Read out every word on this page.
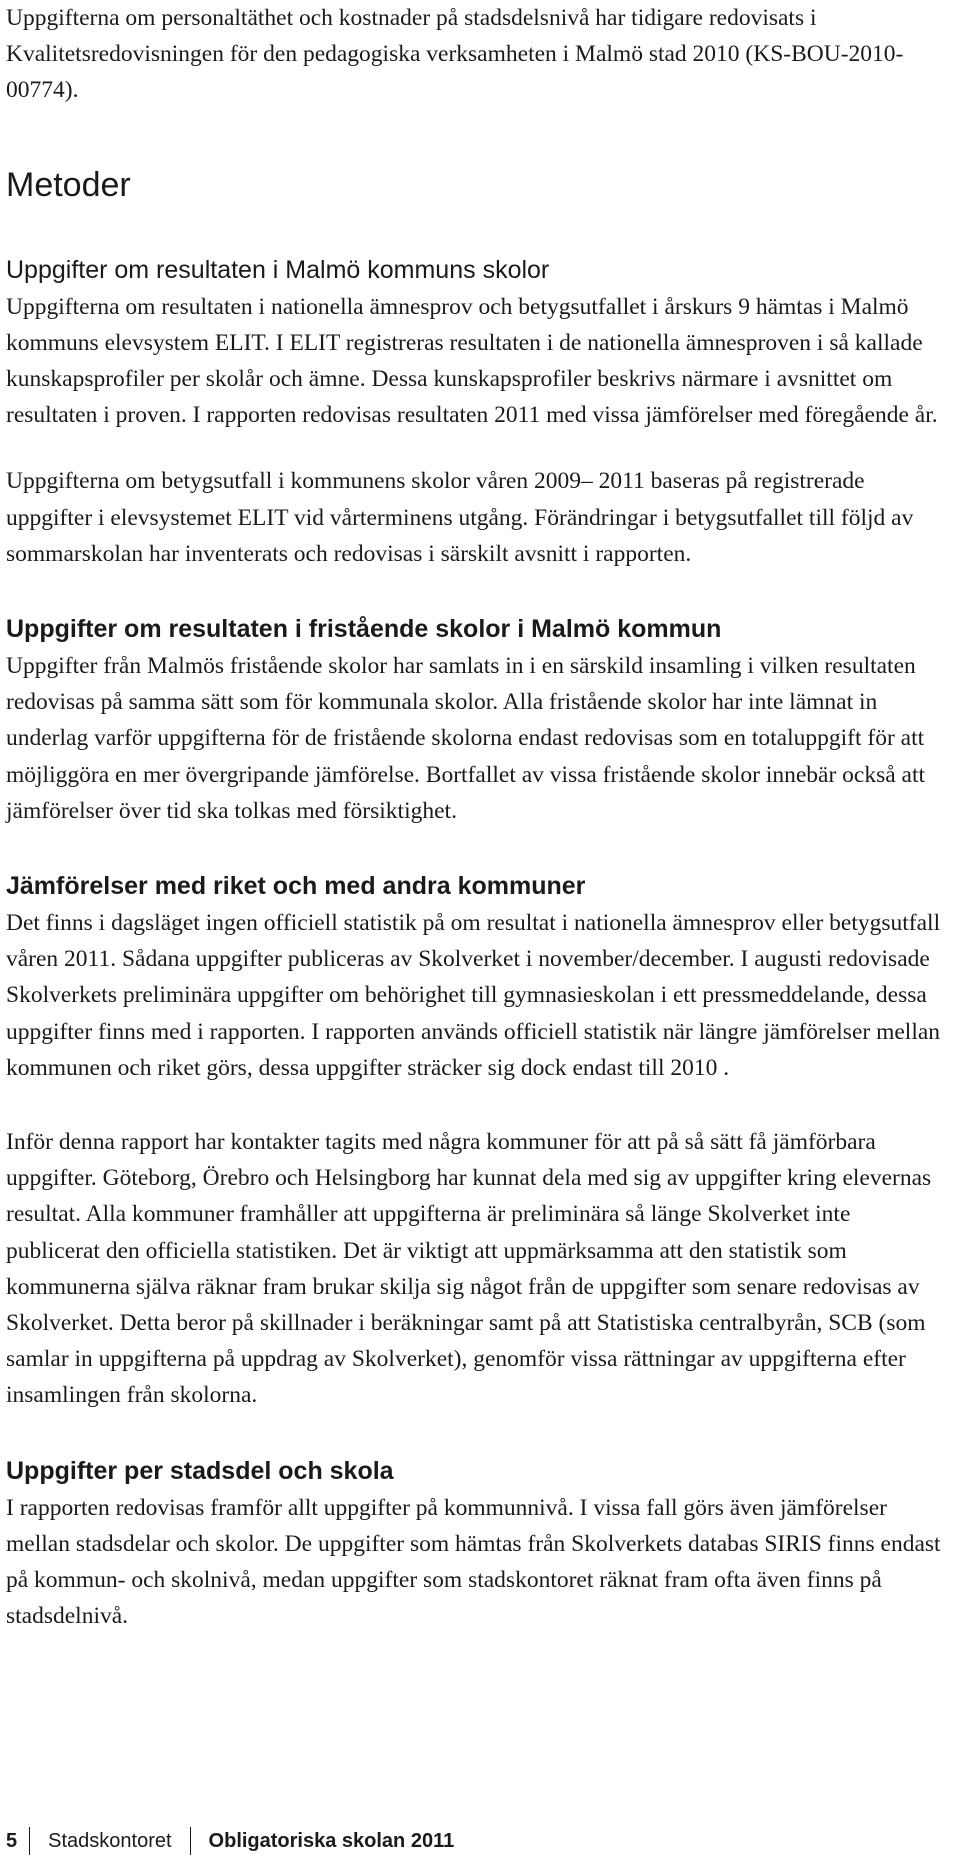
Uppgifterna om personaltäthet och kostnader på stadsdelsnivå har tidigare redovisats i Kvalitetsredovisningen för den pedagogiska verksamheten i Malmö stad 2010 (KS-BOU-2010-00774).

Metoder
Uppgifter om resultaten i Malmö kommuns skolor

Uppgifterna om resultaten i nationella ämnesprov och betygsutfallet i årskurs 9 hämtas i Malmö kommuns elevsystem ELIT. I ELIT registreras resultaten i de nationella ämnesproven i så kallade kunskapsprofiler per skolår och ämne. Dessa kunskapsprofiler beskrivs närmare i avsnittet om resultaten i proven. I rapporten redovisas resultaten 2011 med vissa jämförelser med föregående år.

Uppgifterna om betygsutfall i kommunens skolor våren 2009– 2011 baseras på registrerade uppgifter i elevsystemet ELIT vid vårterminens utgång. Förändringar i betygsutfallet till följd av sommarskolan har inventerats och redovisas i särskilt avsnitt i rapporten.

Uppgifter om resultaten i fristående skolor i Malmö kommun

Uppgifter från Malmös fristående skolor har samlats in i en särskild insamling i vilken resultaten redovisas på samma sätt som för kommunala skolor. Alla fristående skolor har inte lämnat in underlag varför uppgifterna för de fristående skolorna endast redovisas som en totaluppgift för att möjliggöra en mer övergripande jämförelse. Bortfallet av vissa fristående skolor innebär också att jämförelser över tid ska tolkas med försiktighet.

Jämförelser med riket och med andra kommuner

Det finns i dagsläget ingen officiell statistik på om resultat i nationella ämnesprov eller betygsutfall våren 2011. Sådana uppgifter publiceras av Skolverket i november/december. I augusti redovisade Skolverkets preliminära uppgifter om behörighet till gymnasieskolan i ett pressmeddelande, dessa uppgifter finns med i rapporten. I rapporten används officiell statistik när längre jämförelser mellan kommunen och riket görs, dessa uppgifter sträcker sig dock endast till 2010 .

Inför denna rapport har kontakter tagits med några kommuner för att på så sätt få jämförbara uppgifter. Göteborg, Örebro och Helsingborg har kunnat dela med sig av uppgifter kring elevernas resultat. Alla kommuner framhåller att uppgifterna är preliminära så länge Skolverket inte publicerat den officiella statistiken. Det är viktigt att uppmärksamma att den statistik som kommunerna själva räknar fram brukar skilja sig något från de uppgifter som senare redovisas av Skolverket. Detta beror på skillnader i beräkningar samt på att Statistiska centralbyrån, SCB (som samlar in uppgifterna på uppdrag av Skolverket), genomför vissa rättningar av uppgifterna efter insamlingen från skolorna.

Uppgifter per stadsdel och skola

I rapporten redovisas framför allt uppgifter på kommunnivå. I vissa fall görs även jämförelser mellan stadsdelar och skolor. De uppgifter som hämtas från Skolverkets databas SIRIS finns endast på kommun- och skolnivå, medan uppgifter som stadskontoret räknat fram ofta även finns på stadsdelnivå.

5 Stadskontoret Obligatoriska skolan 2011
